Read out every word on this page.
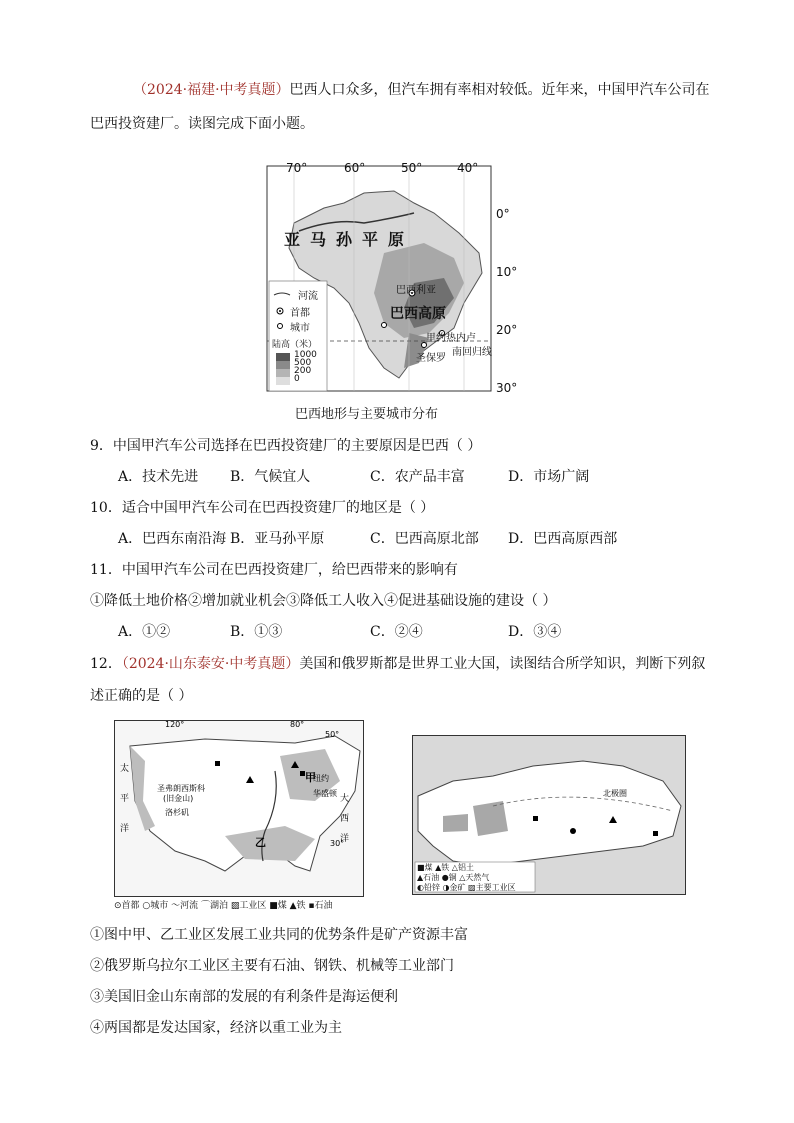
（2024·福建·中考真题）巴西人口众多，但汽车拥有率相对较低。近年来，中国甲汽车公司在
巴西投资建厂。读图完成下面小题。
70°	60°	50°	40°
0°
10°
20°
30°
亚马孙平原
巴西高原
巴西利亚
里约热内卢
圣保罗
南回归线
河流
首都
城市
陆高（米）
1000
500
200
0
巴西地形与主要城市分布
9．中国甲汽车公司选择在巴西投资建厂的主要原因是巴西（ ）
A．技术先进 B．气候宜人	C．农产品丰富	D．市场广阔
10．适合中国甲汽车公司在巴西投资建厂的地区是（ ）
A．巴西东南沿海 B．亚马孙平原	C．巴西高原北部 D．巴西高原西部
11．中国甲汽车公司在巴西投资建厂，给巴西带来的影响有
①降低土地价格②增加就业机会③降低工人收入④促进基础设施的建设（ ）
A．①②	B．①③	C．②④	D．③④
12．（2024·山东泰安·中考真题）美国和俄罗斯都是世界工业大国，读图结合所学知识，判断下列叙
述正确的是（ ）
太
平
洋
大
西
洋
甲
乙
圣弗朗西斯科
(旧金山)
洛杉矶
纽约
华盛顿
120°	80°
50°
30°
⊙首都 ○城市 ～河流 ⌒湖泊 ▨工业区 ■煤 ▲铁 ▪石油
北极圈
■煤 ▲铁 △铝土
▲石油 ●铜 △天然气
◐铅锌 ◑金矿 ▨主要工业区
①图中甲、乙工业区发展工业共同的优势条件是矿产资源丰富
②俄罗斯乌拉尔工业区主要有石油、钢铁、机械等工业部门
③美国旧金山东南部的发展的有利条件是海运便利
④两国都是发达国家，经济以重工业为主
